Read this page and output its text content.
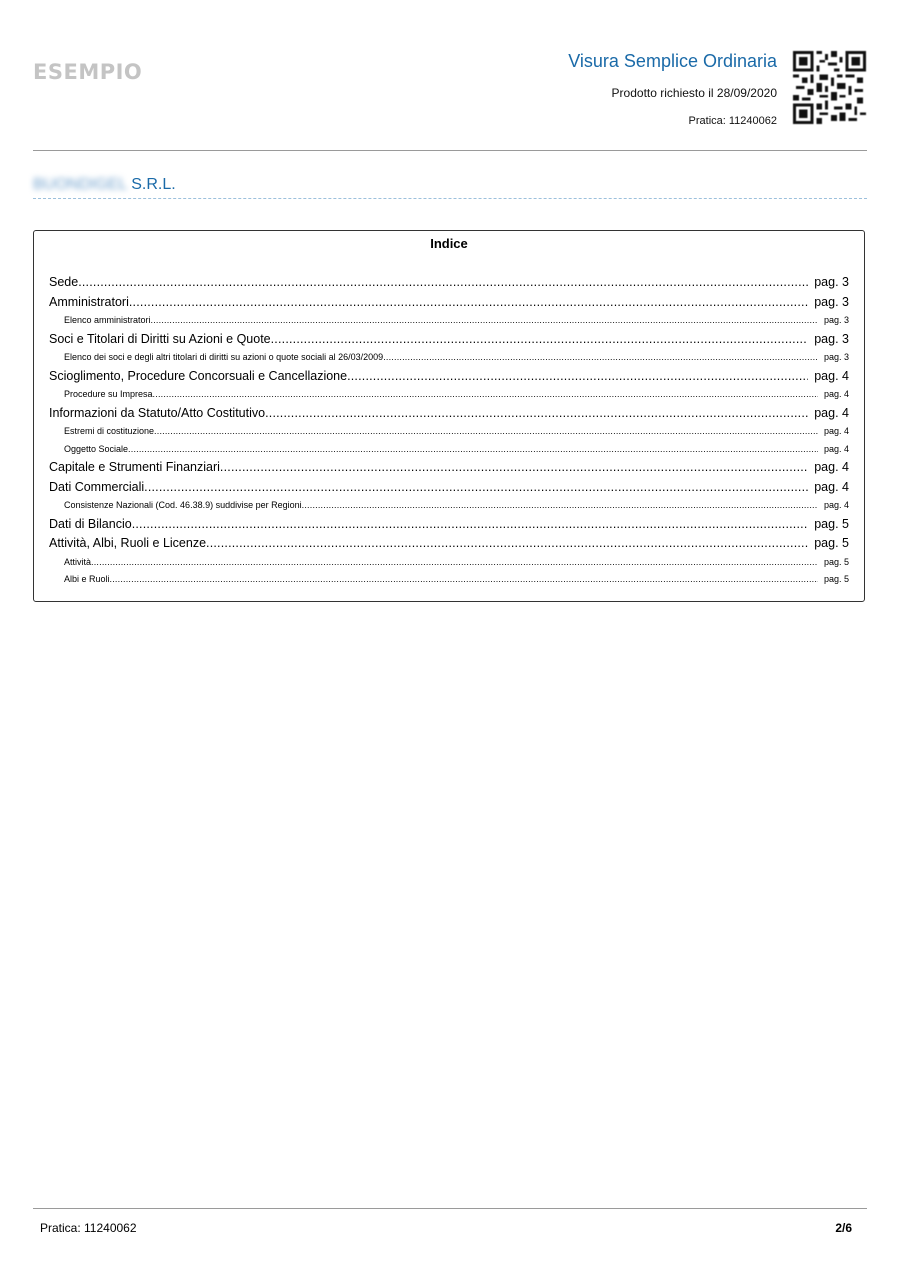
ESEMPIO	Visura Semplice Ordinaria
Prodotto richiesto il 28/09/2020
Pratica: 11240062
BUONDIGEL S.R.L.
Indice
Sede .....	pag. 3
Amministratori .....	pag. 3
Elenco amministratori .....	pag. 3
Soci e Titolari di Diritti su Azioni e Quote .....	pag. 3
Elenco dei soci e degli altri titolari di diritti su azioni o quote sociali al 26/03/2009 .....	pag. 3
Scioglimento, Procedure Concorsuali e Cancellazione .....	pag. 4
Procedure su Impresa .....	pag. 4
Informazioni da Statuto/Atto Costitutivo .....	pag. 4
Estremi di costituzione .....	pag. 4
Oggetto Sociale .....	pag. 4
Capitale e Strumenti Finanziari .....	pag. 4
Dati Commerciali .....	pag. 4
Consistenze Nazionali (Cod. 46.38.9) suddivise per Regioni .....	pag. 4
Dati di Bilancio .....	pag. 5
Attività, Albi, Ruoli e Licenze .....	pag. 5
Attività .....	pag. 5
Albi e Ruoli .....	pag. 5
Pratica: 11240062	2/6
